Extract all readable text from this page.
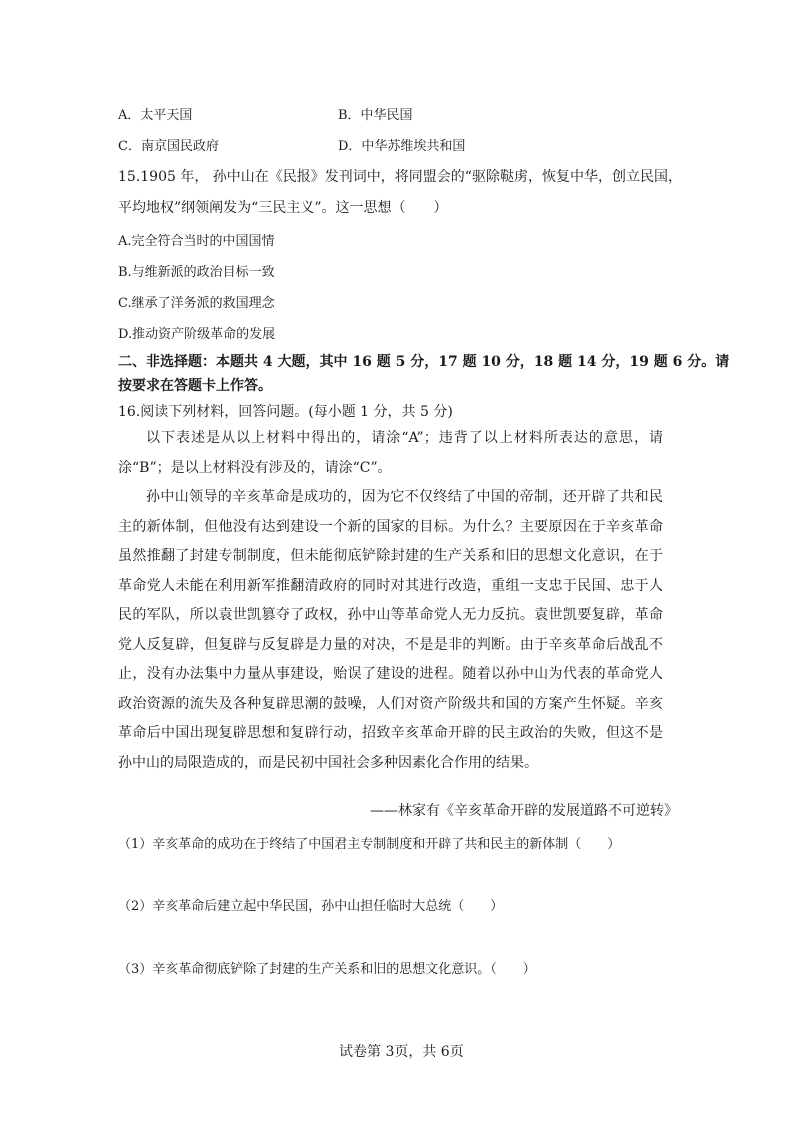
A．太平天国	B．中华民国
C．南京国民政府	D．中华苏维埃共和国
15.1905 年， 孙中山在《民报》发刊词中，将同盟会的“驱除鞑虏，恢复中华，创立民国，
平均地权”纲领阐发为“三民主义”。这一思想（　　）
A.完全符合当时的中国国情
B.与维新派的政治目标一致
C.继承了洋务派的救国理念
D.推动资产阶级革命的发展
二、非选择题：本题共 4 大题，其中 16 题 5 分，17 题 10 分，18 题 14 分，19 题 6 分。请
按要求在答题卡上作答。
16.阅读下列材料，回答问题。(每小题 1 分，共 5 分)

以下表述是从以上材料中得出的，请涂“A”；违背了以上材料所表达的意思，请涂“B”；是以上材料没有涉及的，请涂“C”。

孙中山领导的辛亥革命是成功的，因为它不仅终结了中国的帝制，还开辟了共和民主的新体制，但他没有达到建设一个新的国家的目标。为什么？主要原因在于辛亥革命虽然推翻了封建专制制度，但未能彻底铲除封建的生产关系和旧的思想文化意识，在于革命党人未能在利用新军推翻清政府的同时对其进行改造，重组一支忠于民国、忠于人民的军队，所以袁世凯篡夺了政权，孙中山等革命党人无力反抗。袁世凯要复辟，革命党人反复辟，但复辟与反复辟是力量的对决，不是是非的判断。由于辛亥革命后战乱不止，没有办法集中力量从事建设，贻误了建设的进程。随着以孙中山为代表的革命党人政治资源的流失及各种复辟思潮的鼓噪，人们对资产阶级共和国的方案产生怀疑。辛亥革命后中国出现复辟思想和复辟行动，招致辛亥革命开辟的民主政治的失败，但这不是孙中山的局限造成的，而是民初中国社会多种因素化合作用的结果。

——林家有《辛亥革命开辟的发展道路不可逆转》
（1）辛亥革命的成功在于终结了中国君主专制制度和开辟了共和民主的新体制（　　）
（2）辛亥革命后建立起中华民国，孙中山担任临时大总统（　　）
（3）辛亥革命彻底铲除了封建的生产关系和旧的思想文化意识。（　　）
试卷第 3页，共 6页
